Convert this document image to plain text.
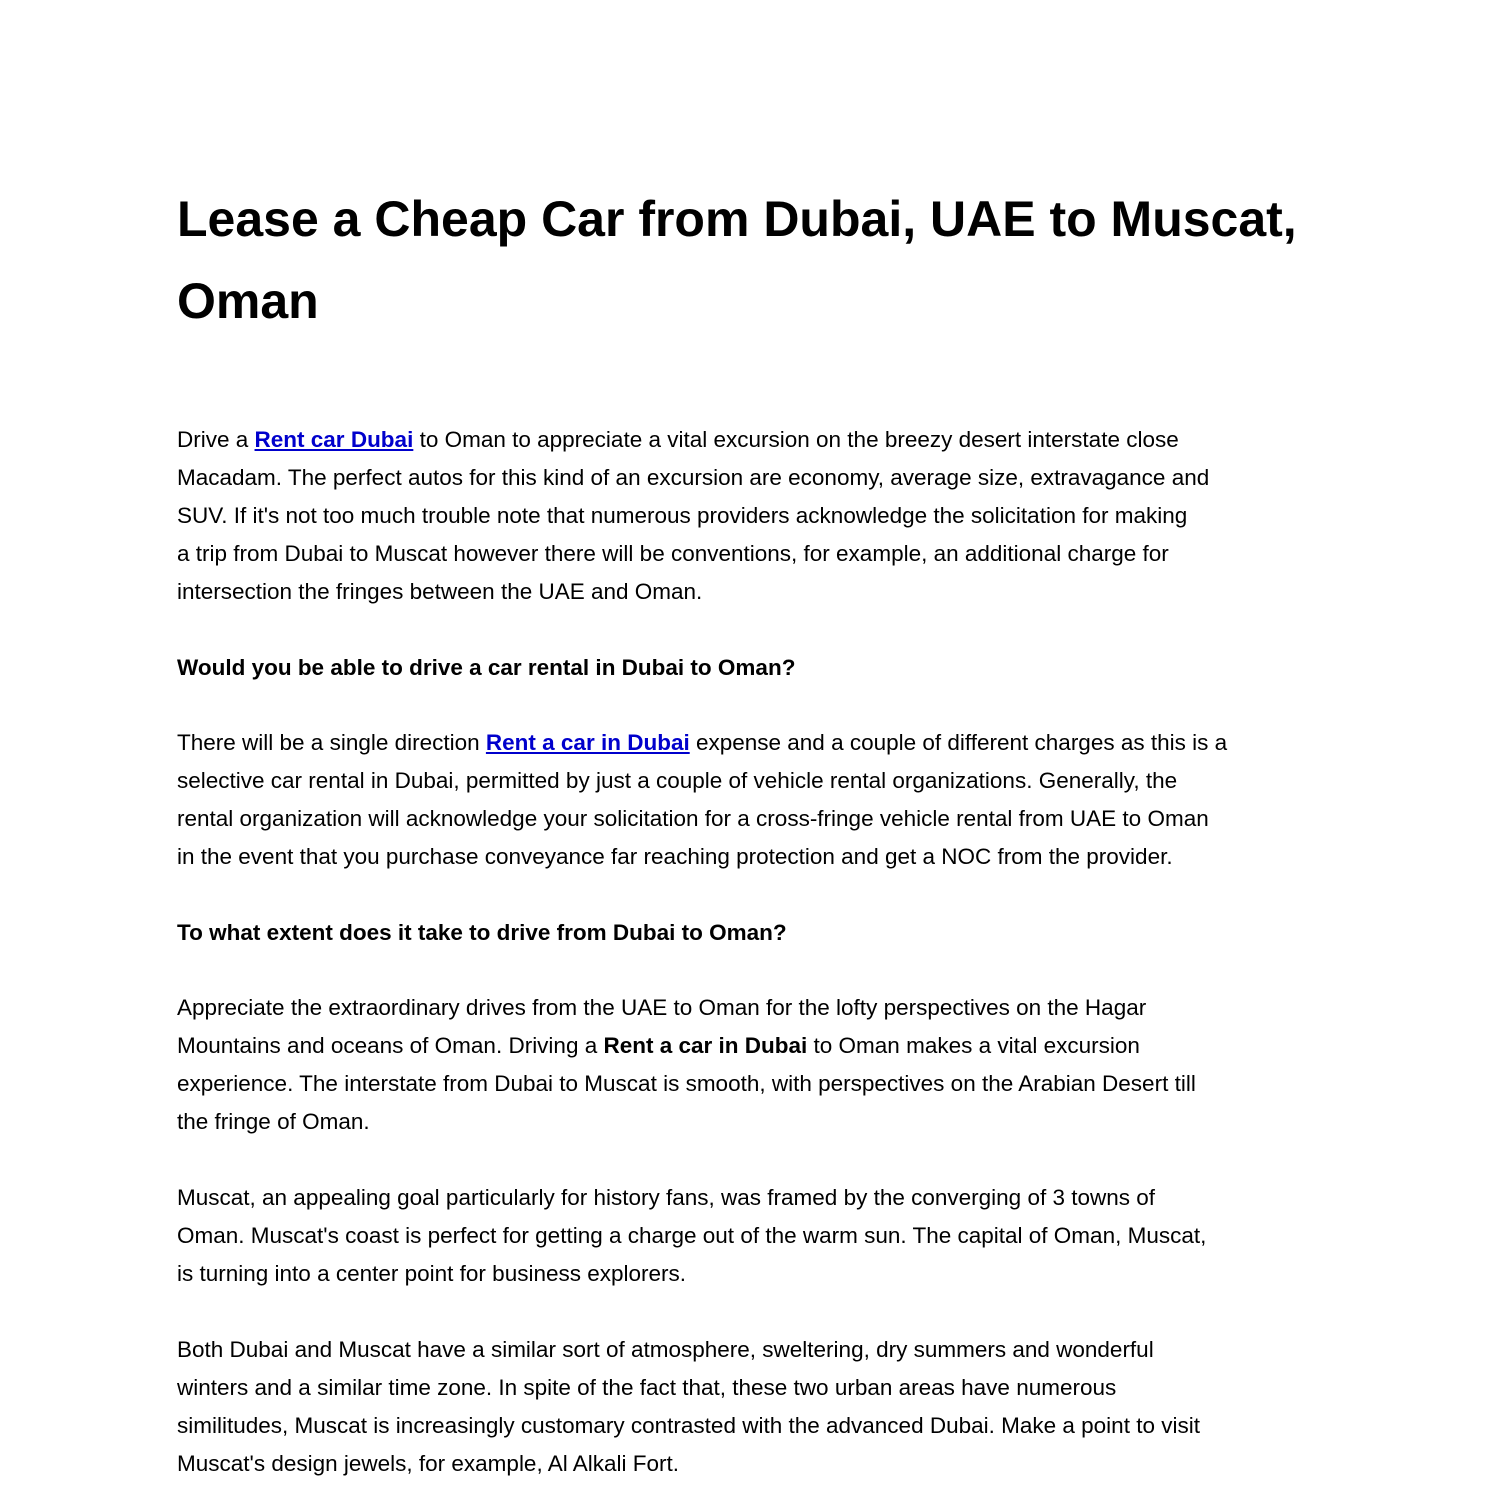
Lease a Cheap Car from Dubai, UAE to Muscat,
Oman

Drive a Rent car Dubai to Oman to appreciate a vital excursion on the breezy desert interstate close
Macadam. The perfect autos for this kind of an excursion are economy, average size, extravagance and
SUV. If it's not too much trouble note that numerous providers acknowledge the solicitation for making
a trip from Dubai to Muscat however there will be conventions, for example, an additional charge for
intersection the fringes between the UAE and Oman.

Would you be able to drive a car rental in Dubai to Oman?

There will be a single direction Rent a car in Dubai expense and a couple of different charges as this is a
selective car rental in Dubai, permitted by just a couple of vehicle rental organizations. Generally, the
rental organization will acknowledge your solicitation for a cross-fringe vehicle rental from UAE to Oman
in the event that you purchase conveyance far reaching protection and get a NOC from the provider.

To what extent does it take to drive from Dubai to Oman?

Appreciate the extraordinary drives from the UAE to Oman for the lofty perspectives on the Hagar
Mountains and oceans of Oman. Driving a Rent a car in Dubai to Oman makes a vital excursion
experience. The interstate from Dubai to Muscat is smooth, with perspectives on the Arabian Desert till
the fringe of Oman.

Muscat, an appealing goal particularly for history fans, was framed by the converging of 3 towns of
Oman. Muscat's coast is perfect for getting a charge out of the warm sun. The capital of Oman, Muscat,
is turning into a center point for business explorers.

Both Dubai and Muscat have a similar sort of atmosphere, sweltering, dry summers and wonderful
winters and a similar time zone. In spite of the fact that, these two urban areas have numerous
similitudes, Muscat is increasingly customary contrasted with the advanced Dubai. Make a point to visit
Muscat's design jewels, for example, Al Alkali Fort.
